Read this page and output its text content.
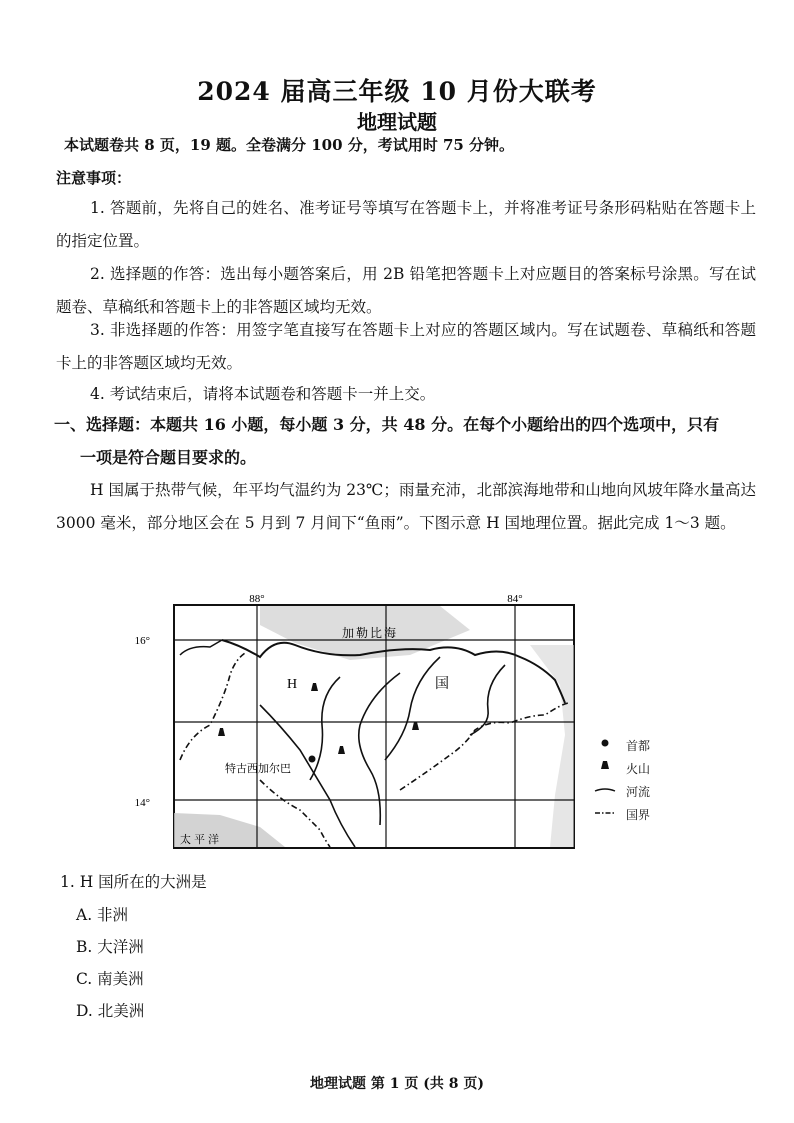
2024 届高三年级 10 月份大联考
地理试题
本试题卷共 8 页，19 题。全卷满分 100 分，考试用时 75 分钟。
注意事项：
1. 答题前，先将自己的姓名、准考证号等填写在答题卡上，并将准考证号条形码粘贴在答题卡上的指定位置。
2. 选择题的作答：选出每小题答案后，用 2B 铅笔把答题卡上对应题目的答案标号涂黑。写在试题卷、草稿纸和答题卡上的非答题区域均无效。
3. 非选择题的作答：用签字笔直接写在答题卡上对应的答题区域内。写在试题卷、草稿纸和答题卡上的非答题区域均无效。
4. 考试结束后，请将本试题卷和答题卡一并上交。
一、选择题：本题共 16 小题，每小题 3 分，共 48 分。在每个小题给出的四个选项中，只有
一项是符合题目要求的。
H 国属于热带气候，年平均气温约为 23℃；雨量充沛，北部滨海地带和山地向风坡年降水量高达 3000 毫米，部分地区会在 5 月到 7 月间下“鱼雨”。下图示意 H 国地理位置。据此完成 1～3 题。
88°	84°
16°
14°
H	国
加勒比海
太平洋
特古西加尔巴
首都
火山
河流
国界
1. H 国所在的大洲是
A. 非洲
B. 大洋洲
C. 南美洲
D. 北美洲
地理试题 第 1 页 (共 8 页)
